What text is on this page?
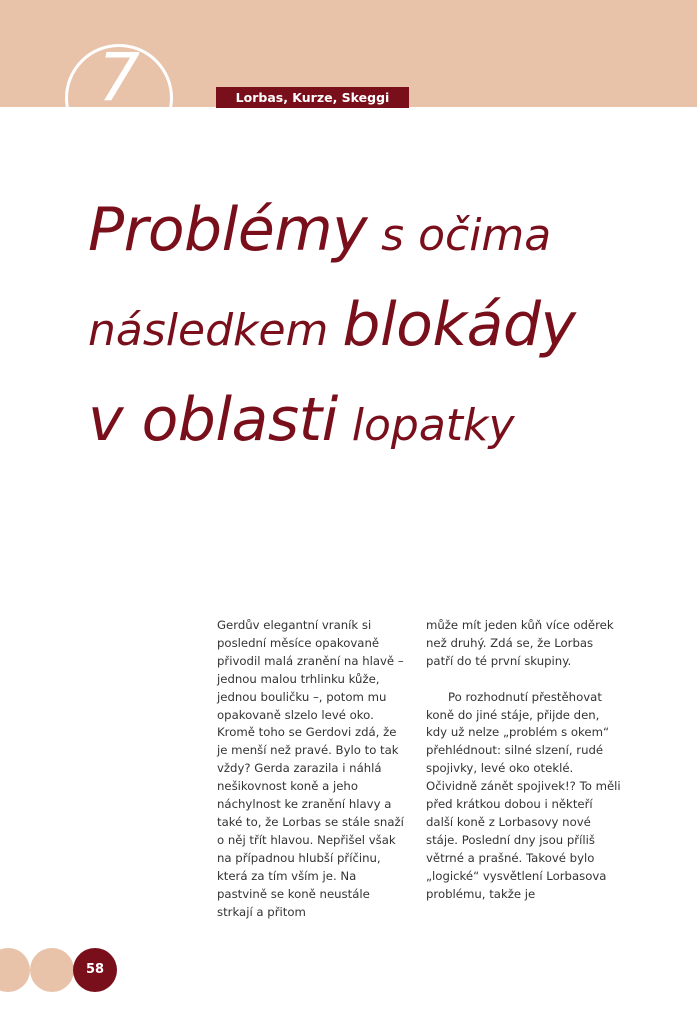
7	Lorbas, Kurze, Skeggi
Problémy s očima
následkem blokády
v oblasti lopatky

Gerdův elegantní vraník si poslední měsíce opakovaně přivodil malá zranění na hlavě – jednou malou trhlinku kůže, jednou bouličku –, potom mu opakovaně slzelo levé oko. Kromě toho se Gerdovi zdá, že je menší než pravé. Bylo to tak vždy? Gerda zarazila i náhlá nešikovnost koně a jeho náchylnost ke zranění hlavy a také to, že Lorbas se stále snaží o něj třít hlavou. Nepřišel však na případnou hlubší příčinu, která za tím vším je. Na pastvině se koně neustále strkají a přitom

může mít jeden kůň více oděrek než druhý. Zdá se, že Lorbas patří do té první skupiny.

Po rozhodnutí přestěhovat koně do jiné stáje, přijde den, kdy už nelze „problém s okem“ přehlédnout: silné slzení, rudé spojivky, levé oko oteklé. Očividně zánět spojivek!? To měli před krátkou dobou i někteří další koně z Lorbasovy nové stáje. Poslední dny jsou příliš větrné a prašné. Takové bylo „logické“ vysvětlení Lorbasova problému, takže je

58
